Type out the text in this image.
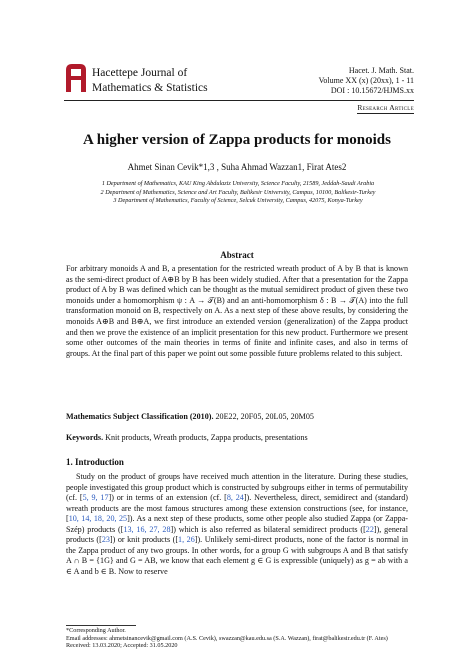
Hacettepe Journal of
Mathematics & Statistics
Hacet. J. Math. Stat.
Volume XX (x) (20xx), 1 - 11
DOI : 10.15672/HJMS.xx
Research Article
A higher version of Zappa products for monoids
Ahmet Sinan Cevik*1,3 , Suha Ahmad Wazzan1, Firat Ates2
1 Department of Mathematics, KAU King Abdulaziz University, Science Faculty, 21589, Jeddah-Saudi Arabia
2 Department of Mathematics, Science and Art Faculty, Balikesir University, Campus, 10100, Balikesir-Turkey
3 Department of Mathematics, Faculty of Science, Selcuk University, Campus, 42075, Konya-Turkey
Abstract
For arbitrary monoids A and B, a presentation for the restricted wreath product of A by B that is known as the semi-direct product of A⊕B by B has been widely studied. After that a presentation for the Zappa product of A by B was defined which can be thought as the mutual semidirect product of given these two monoids under a homomorphism ψ : A → 𝒯(B) and an anti-homomorphism δ : B → 𝒯(A) into the full transformation monoid on B, respectively on A. As a next step of these above results, by considering the monoids A⊕B and B⊕A, we first introduce an extended version (generalization) of the Zappa product and then we prove the existence of an implicit presentation for this new product. Furthermore we present some other outcomes of the main theories in terms of finite and infinite cases, and also in terms of groups. At the final part of this paper we point out some possible future problems related to this subject.
Mathematics Subject Classification (2010). 20E22, 20F05, 20L05, 20M05
Keywords. Knit products, Wreath products, Zappa products, presentations
1. Introduction
Study on the product of groups have received much attention in the literature. During these studies, people investigated this group product which is constructed by subgroups either in terms of permutability (cf. [5, 9, 17]) or in terms of an extension (cf. [8, 24]). Nevertheless, direct, semidirect and (standard) wreath products are the most famous structures among these extension constructions (see, for instance, [10, 14, 18, 20, 25]). As a next step of these products, some other people also studied Zappa (or Zappa-Szép) products ([13, 16, 27, 28]) which is also referred as bilateral semidirect products ([22]), general products ([23]) or knit products ([1, 26]). Unlikely semi-direct products, none of the factor is normal in the Zappa product of any two groups. In other words, for a group G with subgroups A and B that satisfy A ∩ B = {1G} and G = AB, we know that each element g ∈ G is expressible (uniquely) as g = ab with a ∈ A and b ∈ B. Now to reserve
*Corresponding Author.
Email addresses: ahmetsinancevik@gmail.com (A.S. Cevik), swazzan@kau.edu.sa (S.A. Wazzan), firat@balikesir.edu.tr (F. Ates)
Received: 13.03.2020; Accepted: 31.05.2020
